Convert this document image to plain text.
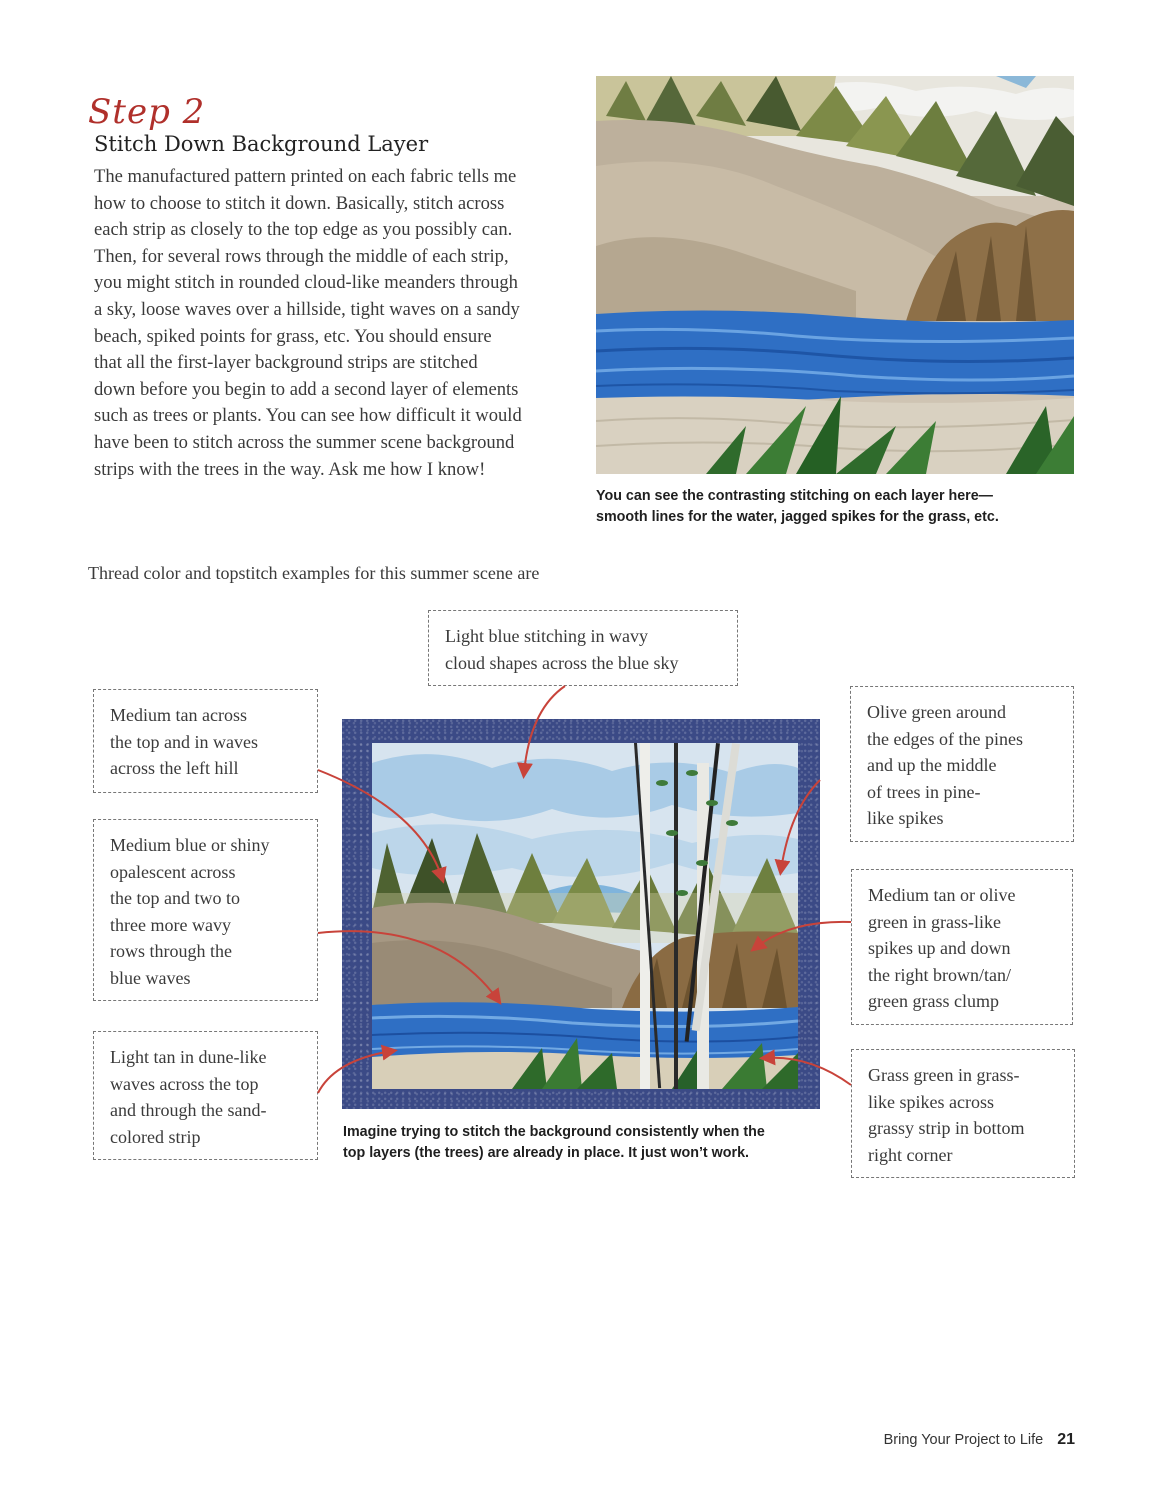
Step 2
Stitch Down Background Layer

The manufactured pattern printed on each fabric tells me
how to choose to stitch it down. Basically, stitch across
each strip as closely to the top edge as you possibly can.
Then, for several rows through the middle of each strip,
you might stitch in rounded cloud-like meanders through
a sky, loose waves over a hillside, tight waves on a sandy
beach, spiked points for grass, etc. You should ensure
that all the first-layer background strips are stitched
down before you begin to add a second layer of elements
such as trees or plants. You can see how difficult it would
have been to stitch across the summer scene background
strips with the trees in the way. Ask me how I know!

You can see the contrasting stitching on each layer here—
smooth lines for the water, jagged spikes for the grass, etc.

Thread color and topstitch examples for this summer scene are
Light blue stitching in wavy
cloud shapes across the blue sky
Medium tan across
the top and in waves
across the left hill
Medium blue or shiny
opalescent across
the top and two to
three more wavy
rows through the
blue waves
Light tan in dune-like
waves across the top
and through the sand-
colored strip
Olive green around
the edges of the pines
and up the middle
of trees in pine-
like spikes
Medium tan or olive
green in grass-like
spikes up and down
the right brown/tan/
green grass clump
Grass green in grass-
like spikes across
grassy strip in bottom
right corner

Imagine trying to stitch the background consistently when the
top layers (the trees) are already in place. It just won’t work.

Bring Your Project to Life 21
